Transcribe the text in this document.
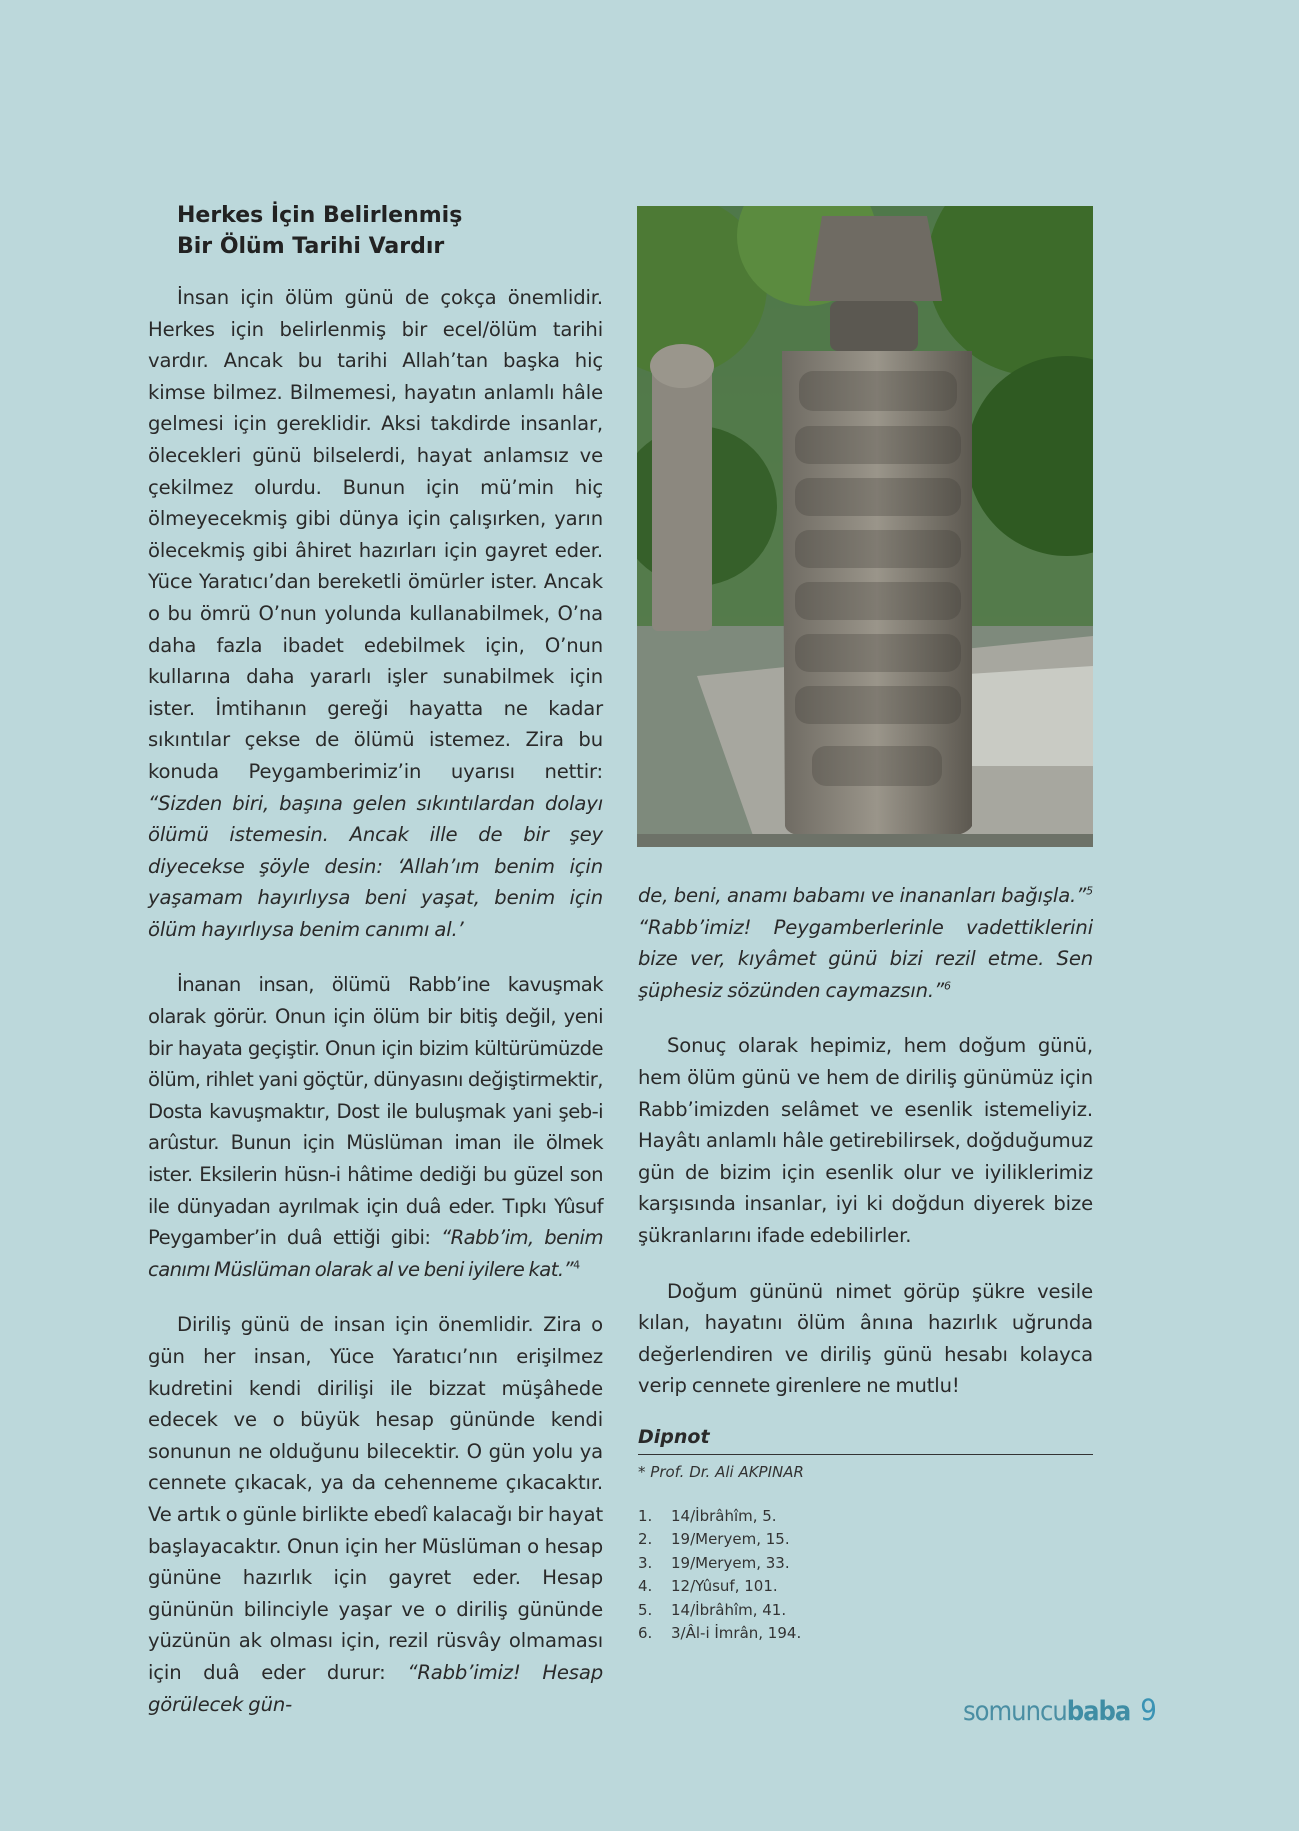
Herkes İçin Belirlenmiş
Bir Ölüm Tarihi Vardır

İnsan için ölüm günü de çokça önemlidir. Herkes için belirlenmiş bir ecel/ölüm tarihi vardır. Ancak bu tarihi Allah’tan başka hiç kimse bilmez. Bilmemesi, hayatın anlamlı hâle gelmesi için gereklidir. Aksi takdirde insanlar, ölecekleri günü bilselerdi, hayat anlamsız ve çekilmez olurdu. Bunun için mü’min hiç ölmeyecekmiş gibi dünya için çalışırken, yarın ölecekmiş gibi âhiret hazırları için gayret eder. Yüce Yaratıcı’dan bereketli ömürler ister. Ancak o bu ömrü O’nun yolunda kullanabilmek, O’na daha fazla ibadet edebilmek için, O’nun kullarına daha yararlı işler sunabilmek için ister. İmtihanın gereği hayatta ne kadar sıkıntılar çekse de ölümü istemez. Zira bu konuda Peygamberimiz’in uyarısı nettir: “Sizden biri, başına gelen sıkıntılardan dolayı ölümü istemesin. Ancak ille de bir şey diyecekse şöyle desin: ‘Allah’ım benim için yaşamam hayırlıysa beni yaşat, benim için ölüm hayırlıysa benim canımı al.’

İnanan insan, ölümü Rabb’ine kavuşmak olarak görür. Onun için ölüm bir bitiş değil, yeni bir hayata geçiştir. Onun için bizim kültürümüzde ölüm, rihlet yani göçtür, dünyasını değiştirmektir, Dosta kavuşmaktır, Dost ile buluşmak yani şeb-i arûstur. Bunun için Müslüman iman ile ölmek ister. Eksilerin hüsn-i hâtime dediği bu güzel son ile dünyadan ayrılmak için duâ eder. Tıpkı Yûsuf Peygamber’in duâ ettiği gibi: “Rabb’im, benim canımı Müslüman olarak al ve beni iyilere kat.”$^4$

Diriliş günü de insan için önemlidir. Zira o gün her insan, Yüce Yaratıcı’nın erişilmez kudretini kendi dirilişi ile bizzat müşâhede edecek ve o büyük hesap gününde kendi sonunun ne olduğunu bilecektir. O gün yolu ya cennete çıkacak, ya da cehenneme çıkacaktır. Ve artık o günle birlikte ebedî kalacağı bir hayat başlayacaktır. Onun için her Müslüman o hesap gününe hazırlık için gayret eder. Hesap gününün bilinciyle yaşar ve o diriliş gününde yüzünün ak olması için, rezil rüsvây olmaması için duâ eder durur: “Rabb’imiz! Hesap görülecek gün-

de, beni, anamı babamı ve inananları bağışla.”$^5$ “Rabb’imiz! Peygamberlerinle vadettiklerini bize ver, kıyâmet günü bizi rezil etme. Sen şüphesiz sözünden caymazsın.”$^6$

Sonuç olarak hepimiz, hem doğum günü, hem ölüm günü ve hem de diriliş günümüz için Rabb’imizden selâmet ve esenlik istemeliyiz. Hayâtı anlamlı hâle getirebilirsek, doğduğumuz gün de bizim için esenlik olur ve iyiliklerimiz karşısında insanlar, iyi ki doğdun diyerek bize şükranlarını ifade edebilirler.

Doğum gününü nimet görüp şükre vesile kılan, hayatını ölüm ânına hazırlık uğrunda değerlendiren ve diriliş günü hesabı kolayca verip cennete girenlere ne mutlu!

Dipnot

* Prof. Dr. Ali AKPINAR

1.	14/İbrâhîm, 5.
2.	19/Meryem, 15.
3.	19/Meryem, 33.
4.	12/Yûsuf, 101.
5.	14/İbrâhîm, 41.
6.	3/Âl-i İmrân, 194.
somuncubaba 9
